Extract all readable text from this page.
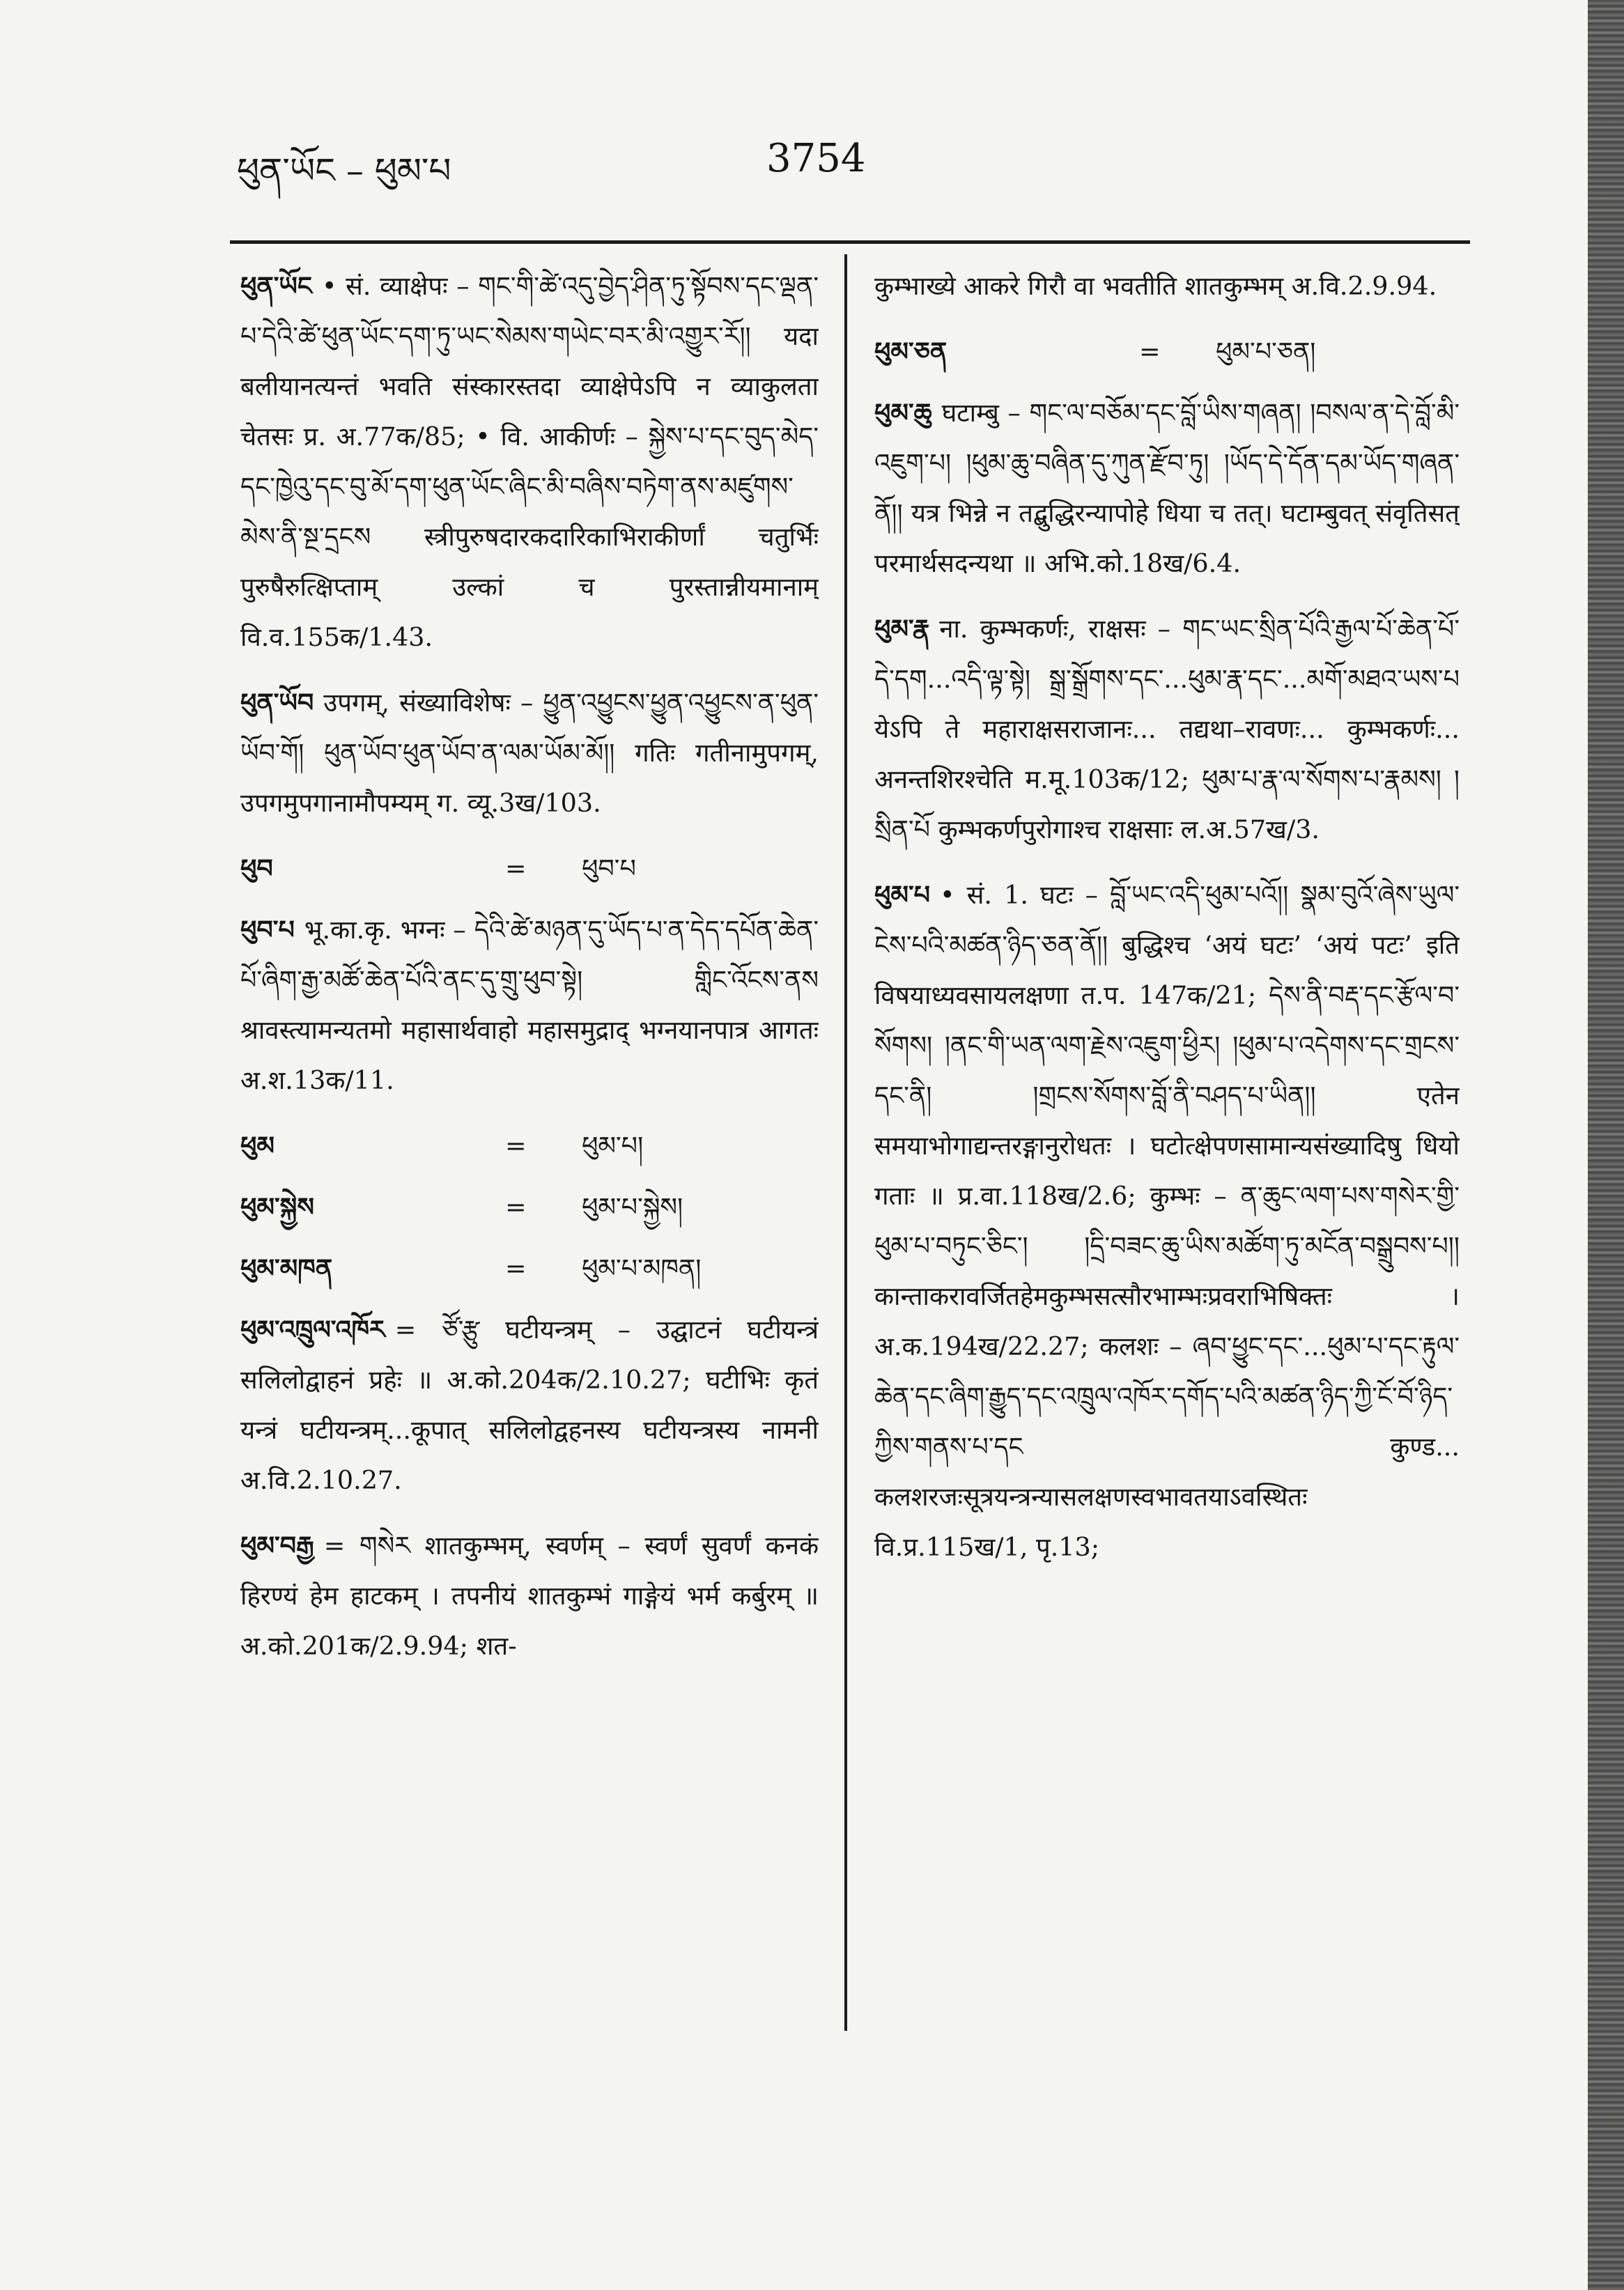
ཕུན་ཡོང – ཕུམ་པ	3754

ཕུན་ཡོང • सं. व्याक्षेपः – གང་གི་ཚེ་འདུ་བྱེད་ཤིན་ཏུ་སྟོབས་དང་ལྡན་པ་དེའི་ཚེ་ཕུན་ཡོང་དག་ཏུ་ཡང་སེམས་གཡེང་བར་མི་འགྱུར་རོ།། यदा बलीयानत्यन्तं भवति संस्कारस्तदा व्याक्षेपेऽपि न व्याकुलता चेतसः प्र. अ.77क/85; • वि. आकीर्णः – སྐྱེས་པ་དང་བུད་མེད་དང་ཁྱེའུ་དང་བུ་མོ་དག་ཕུན་ཡོང་ཞིང་མི་བཞིས་བཏེག་ནས་མཛུགས་མེས་ནི་སྔ་དྲངས स्त्रीपुरुषदारकदारिकाभिराकीर्णां चतुर्भिः पुरुषैरुत्क्षिप्ताम् उल्कां च पुरस्तान्नीयमानाम् वि.व.155क/1.43.

ཕུན་ཡོབ उपगम्, संख्याविशेषः – ཕྱུན་འཕྱུངས་ཕྱུན་འཕྱུངས་ན་ཕུན་ཡོབ་གོ། ཕུན་ཡོབ་ཕུན་ཡོབ་ན་ལམ་ཡོམ་མོ།། गतिः गतीनामुपगम्, उपगमुपगानामौपम्यम् ग. व्यू.3ख/103.

ཕུབ	=	ཕུབ་པ

ཕུབ་པ भू.का.कृ. भग्नः – དེའི་ཚེ་མཉན་དུ་ཡོད་པ་ན་དེད་དཔོན་ཆེན་པོ་ཞིག་རྒྱ་མཚོ་ཆེན་པོའི་ནང་དུ་གྲུ་ཕུབ་སྟེ། གླིང་འོངས་ནས श्रावस्त्यामन्यतमो महासार्थवाहो महासमुद्राद् भग्नयानपात्र आगतः अ.श.13क/11.

ཕུམ	=	ཕུམ་པ།
ཕུམ་སྐྱེས	=	ཕུམ་པ་སྐྱེས།
ཕུམ་མཁན	=	ཕུམ་པ་མཁན།

ཕུམ་འཁྲུལ་འཁོར = ཙོ་རྩུ घटीयन्त्रम् – उद्घाटनं घटीयन्त्रं सलिलोद्वाहनं प्रहेः ॥ अ.को.204क/2.10.27; घटीभिः कृतं यन्त्रं घटीयन्त्रम्...कूपात् सलिलोद्वहनस्य घटीयन्त्रस्य नामनी अ.वि.2.10.27.

ཕུམ་བརྒྱ = གསེར शातकुम्भम्, स्वर्णम् – स्वर्णं सुवर्णं कनकं हिरण्यं हेम हाटकम् । तपनीयं शातकुम्भं गाङ्गेयं भर्म कर्बुरम् ॥ अ.को.201क/2.9.94; शत-

कुम्भाख्ये आकरे गिरौ वा भवतीति शातकुम्भम् अ.वि.2.9.94.

ཕུམ་ཅན	=	ཕུམ་པ་ཅན།

ཕུམ་ཆུ घटाम्बु – གང་ལ་བཅོམ་དང་བློ་ཡིས་གཞན། །བསལ་ན་དེ་བློ་མི་འཇུག་པ། །ཕུམ་ཆུ་བཞིན་དུ་ཀུན་རྫོབ་ཏུ། །ཡོད་དེ་དོན་དམ་ཡོད་གཞན་ནོ།། यत्र भिन्ने न तद्बुद्धिरन्यापोहे धिया च तत्। घटाम्बुवत् संवृतिसत् परमार्थसदन्यथा ॥ अभि.को.18ख/6.4.

ཕུམ་རྣ ना. कुम्भकर्णः, राक्षसः – གང་ཡང་སྲིན་པོའི་རྒྱལ་པོ་ཆེན་པོ་དེ་དག...འདི་ལྟ་སྟེ། སྒྲ་སྒྲོགས་དང་...ཕུམ་རྣ་དང་...མགོ་མཐའ་ཡས་པ येऽपि ते महाराक्षसराजानः... तद्यथा–रावणः... कुम्भकर्णः... अनन्तशिरश्चेति म.मू.103क/12; ཕུམ་པ་རྣ་ལ་སོགས་པ་རྣམས། །སྲིན་པོ कुम्भकर्णपुरोगाश्च राक्षसाः ल.अ.57ख/3.

ཕུམ་པ • सं. 1. घटः – བློ་ཡང་འདི་ཕུམ་པའོ།། སྣམ་བུའོ་ཞེས་ཡུལ་ངེས་པའི་མཚན་ཉིད་ཅན་ནོ།། बुद्धिश्च ‘अयं घटः’ ‘अयं पटः’ इति विषयाध्यवसायलक्षणा त.प. 147क/21; དེས་ནི་བརྡ་དང་རྩོལ་བ་སོགས། །ནང་གི་ཡན་ལག་རྗེས་འཇུག་ཕྱིར། །ཕུམ་པ་འདེགས་དང་གྲངས་དང་ནི། །གྲངས་སོགས་བློ་ནི་བཤད་པ་ཡིན།། एतेन समयाभोगाद्यन्तरङ्गानुरोधतः । घटोत्क्षेपणसामान्यसंख्यादिषु धियो गताः ॥ प्र.वा.118ख/2.6; कुम्भः – ན་ཆུང་ལག་པས་གསེར་གྱི་ཕུམ་པ་བཏུང་ཅིང་། །དྲི་བཟང་ཆུ་ཡིས་མཚོག་ཏུ་མངོན་བསྒྲུབས་པ།། कान्ताकरावर्जितहेमकुम्भसत्सौरभाम्भःप्रवराभिषिक्तः । अ.क.194ख/22.27; कलशः – ཞབ་ཕྱུང་དང་...ཕུམ་པ་དང་རྟུལ་ཆེན་དང་ཞིག་རྒྱུད་དང་འཁྲུལ་འཁོར་དགོད་པའི་མཚན་ཉིད་ཀྱི་ངོ་བོ་ཉིད་ཀྱིས་གནས་པ་དང कुण्ड... कलशरजःसूत्रयन्त्रन्यासलक्षणस्वभावतयाऽवस्थितः वि.प्र.115ख/1, पृ.13;
